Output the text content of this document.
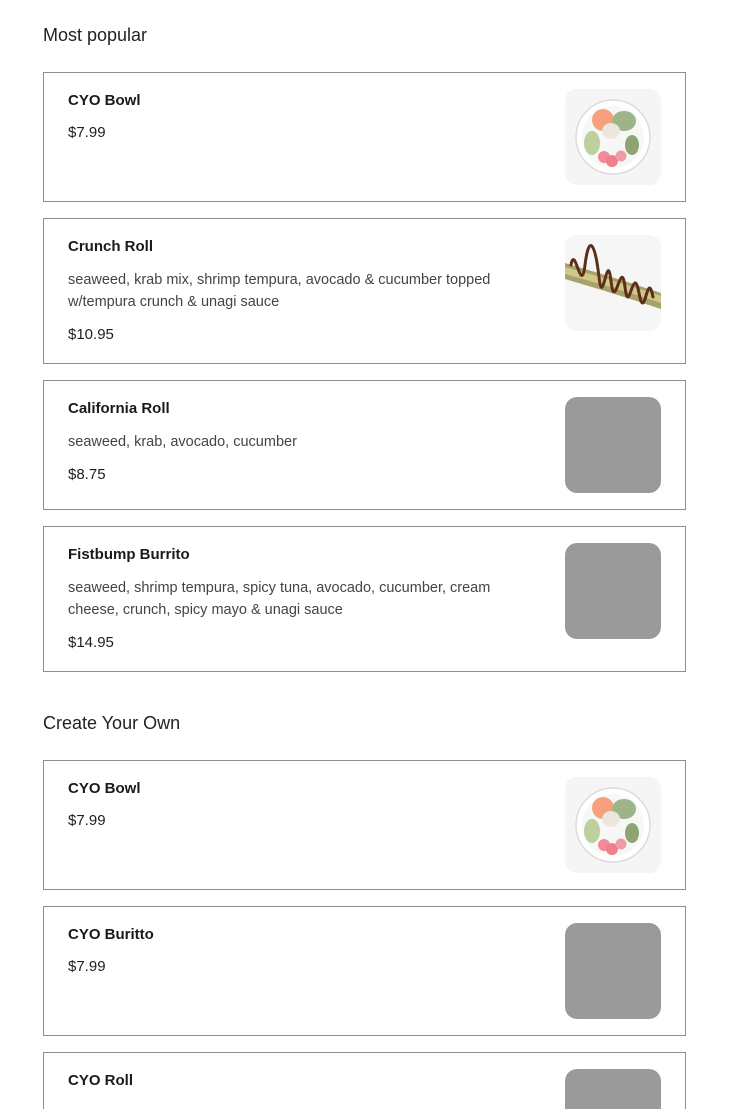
Most popular
CYO Bowl
$7.99
Crunch Roll
seaweed, krab mix, shrimp tempura, avocado & cucumber topped w/tempura crunch & unagi sauce
$10.95
California Roll
seaweed, krab, avocado, cucumber
$8.75
Fistbump Burrito
seaweed, shrimp tempura, spicy tuna, avocado, cucumber, cream cheese, crunch, spicy mayo & unagi sauce
$14.95
Create Your Own
CYO Bowl
$7.99
CYO Buritto
$7.99
CYO Roll
